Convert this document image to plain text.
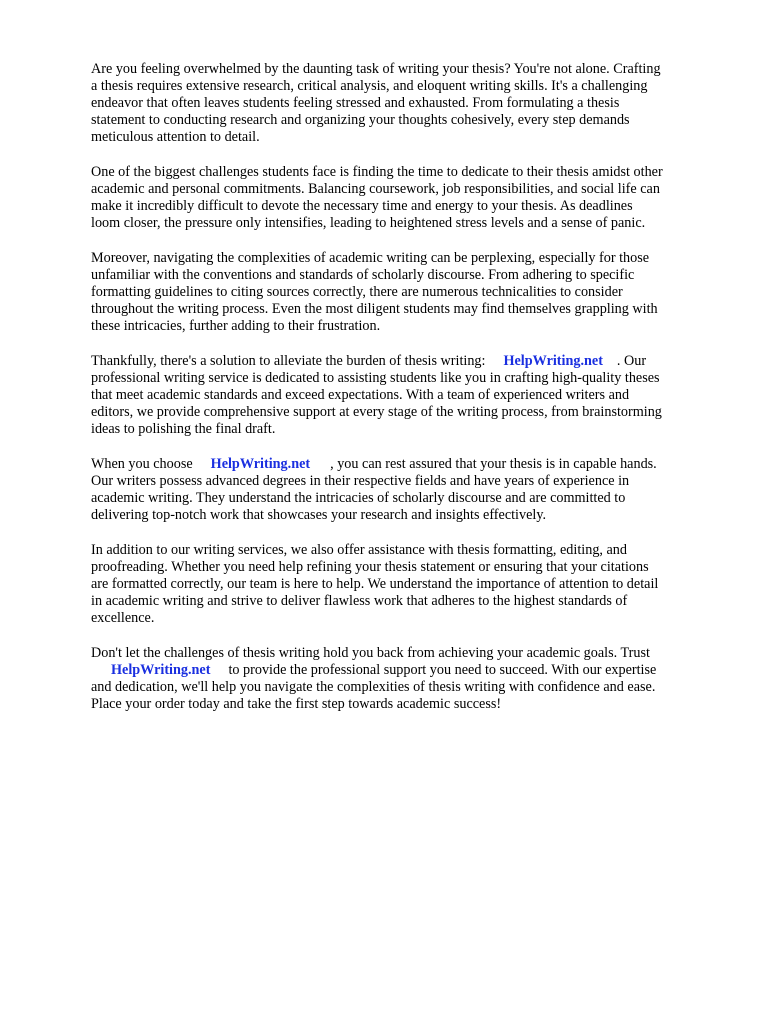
Are you feeling overwhelmed by the daunting task of writing your thesis? You're not alone. Crafting
a thesis requires extensive research, critical analysis, and eloquent writing skills. It's a challenging
endeavor that often leaves students feeling stressed and exhausted. From formulating a thesis
statement to conducting research and organizing your thoughts cohesively, every step demands
meticulous attention to detail.

One of the biggest challenges students face is finding the time to dedicate to their thesis amidst other
academic and personal commitments. Balancing coursework, job responsibilities, and social life can
make it incredibly difficult to devote the necessary time and energy to your thesis. As deadlines
loom closer, the pressure only intensifies, leading to heightened stress levels and a sense of panic.

Moreover, navigating the complexities of academic writing can be perplexing, especially for those
unfamiliar with the conventions and standards of scholarly discourse. From adhering to specific
formatting guidelines to citing sources correctly, there are numerous technicalities to consider
throughout the writing process. Even the most diligent students may find themselves grappling with
these intricacies, further adding to their frustration.

Thankfully, there's a solution to alleviate the burden of thesis writing: HelpWriting.net . Our
professional writing service is dedicated to assisting students like you in crafting high-quality theses
that meet academic standards and exceed expectations. With a team of experienced writers and
editors, we provide comprehensive support at every stage of the writing process, from brainstorming
ideas to polishing the final draft.

When you choose HelpWriting.net , you can rest assured that your thesis is in capable hands.
Our writers possess advanced degrees in their respective fields and have years of experience in
academic writing. They understand the intricacies of scholarly discourse and are committed to
delivering top-notch work that showcases your research and insights effectively.

In addition to our writing services, we also offer assistance with thesis formatting, editing, and
proofreading. Whether you need help refining your thesis statement or ensuring that your citations
are formatted correctly, our team is here to help. We understand the importance of attention to detail
in academic writing and strive to deliver flawless work that adheres to the highest standards of
excellence.

Don't let the challenges of thesis writing hold you back from achieving your academic goals. Trust
HelpWriting.net to provide the professional support you need to succeed. With our expertise
and dedication, we'll help you navigate the complexities of thesis writing with confidence and ease.
Place your order today and take the first step towards academic success!
